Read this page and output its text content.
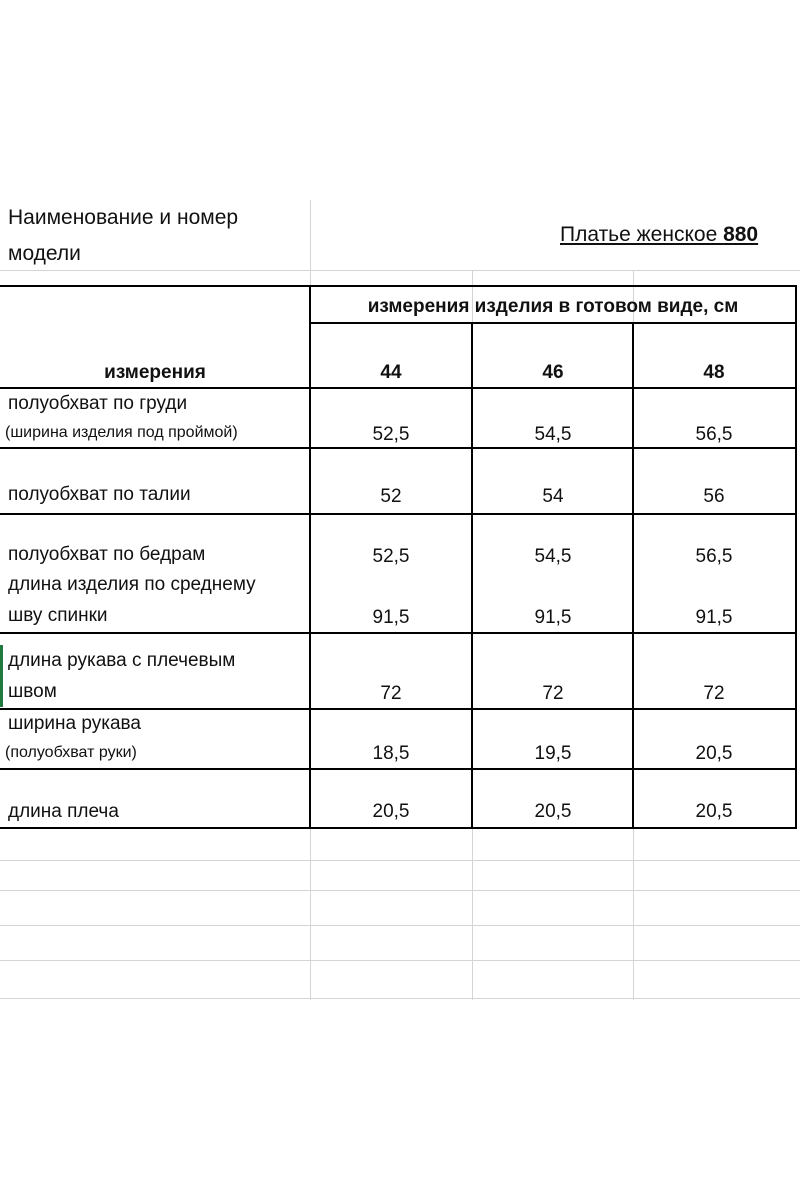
Наименование и номер
модели
Платье женское 880
измерения изделия в готовом виде, см
измерения	44	46	48
полуобхват по груди
(ширина изделия под проймой)	52,5	54,5	56,5
полуобхват по талии	52	54	56
полуобхват по бедрам	52,5	54,5	56,5
длина изделия по среднему
шву спинки	91,5	91,5	91,5
длина рукава с плечевым
швом	72	72	72
ширина рукава
(полуобхват руки)	18,5	19,5	20,5
длина плеча	20,5	20,5	20,5
